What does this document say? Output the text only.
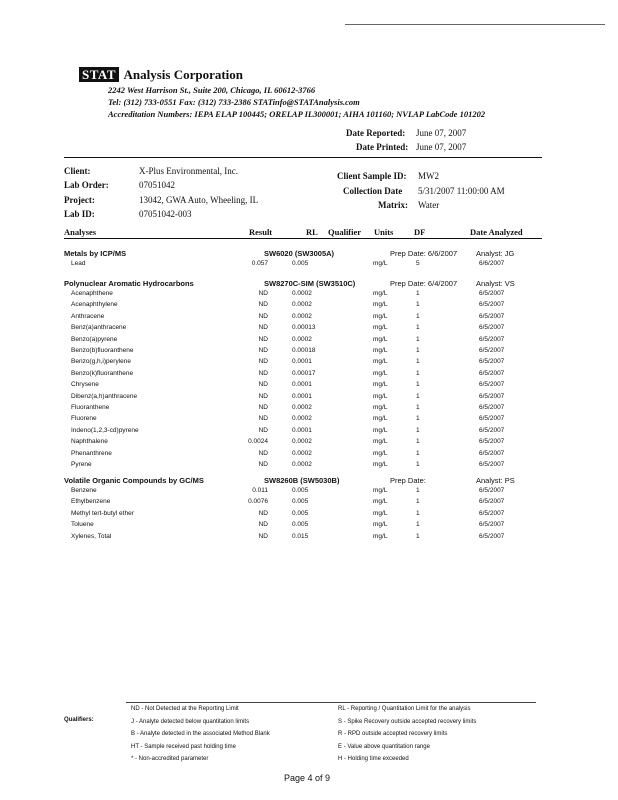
STAT Analysis Corporation
2242 West Harrison St., Suite 200, Chicago, IL 60612-3766
Tel: (312) 733-0551 Fax: (312) 733-2386 STATinfo@STATAnalysis.com
Accreditation Numbers: IEPA ELAP 100445; ORELAP IL300001; AIHA 101160; NVLAP LabCode 101202
Date Reported: June 07, 2007
Date Printed: June 07, 2007
Client:	X-Plus Environmental, Inc.
Lab Order:	07051042
Project:	13042, GWA Auto, Wheeling, IL
Lab ID:	07051042-003
Client Sample ID: MW2
Collection Date 5/31/2007 11:00:00 AM
Matrix: Water
Analyses	Result	RL Qualifier Units DF	Date Analyzed
Metals by ICP/MS	SW6020 (SW3005A)	Prep Date: 6/6/2007	Analyst: JG
Lead	0.057	0.005	mg/L	5	6/6/2007
Polynuclear Aromatic Hydrocarbons	SW8270C-SIM (SW3510C)	Prep Date: 6/4/2007	Analyst: VS
Acenaphthene	ND	0.0002	mg/L	1	6/5/2007
Acenaphthylene	ND	0.0002	mg/L	1	6/5/2007
Anthracene	ND	0.0002	mg/L	1	6/5/2007
Benz(a)anthracene	ND	0.00013	mg/L	1	6/5/2007
Benzo(a)pyrene	ND	0.0002	mg/L	1	6/5/2007
Benzo(b)fluoranthene	ND	0.00018	mg/L	1	6/5/2007
Benzo(g,h,i)perylene	ND	0.0001	mg/L	1	6/5/2007
Benzo(k)fluoranthene	ND	0.00017	mg/L	1	6/5/2007
Chrysene	ND	0.0001	mg/L	1	6/5/2007
Dibenz(a,h)anthracene	ND	0.0001	mg/L	1	6/5/2007
Fluoranthene	ND	0.0002	mg/L	1	6/5/2007
Fluorene	ND	0.0002	mg/L	1	6/5/2007
Indeno(1,2,3-cd)pyrene	ND	0.0001	mg/L	1	6/5/2007
Naphthalene	0.0024	0.0002	mg/L	1	6/5/2007
Phenanthrene	ND	0.0002	mg/L	1	6/5/2007
Pyrene	ND	0.0002	mg/L	1	6/5/2007
Volatile Organic Compounds by GC/MS	SW8260B (SW5030B)	Prep Date:	Analyst: PS
Benzene	0.011	0.005	mg/L	1	6/5/2007
Ethylbenzene	0.0076	0.005	mg/L	1	6/5/2007
Methyl tert-butyl ether	ND	0.005	mg/L	1	6/5/2007
Toluene	ND	0.005	mg/L	1	6/5/2007
Xylenes, Total	ND	0.015	mg/L	1	6/5/2007
Qualifiers:
ND - Not Detected at the Reporting Limit
J - Analyte detected below quantitation limits
B - Analyte detected in the associated Method Blank
HT - Sample received past holding time
* - Non-accredited parameter
RL - Reporting / Quantitation Limit for the analysis
S - Spike Recovery outside accepted recovery limits
R - RPD outside accepted recovery limits
E - Value above quantitation range
H - Holding time exceeded
Page 4 of 9
